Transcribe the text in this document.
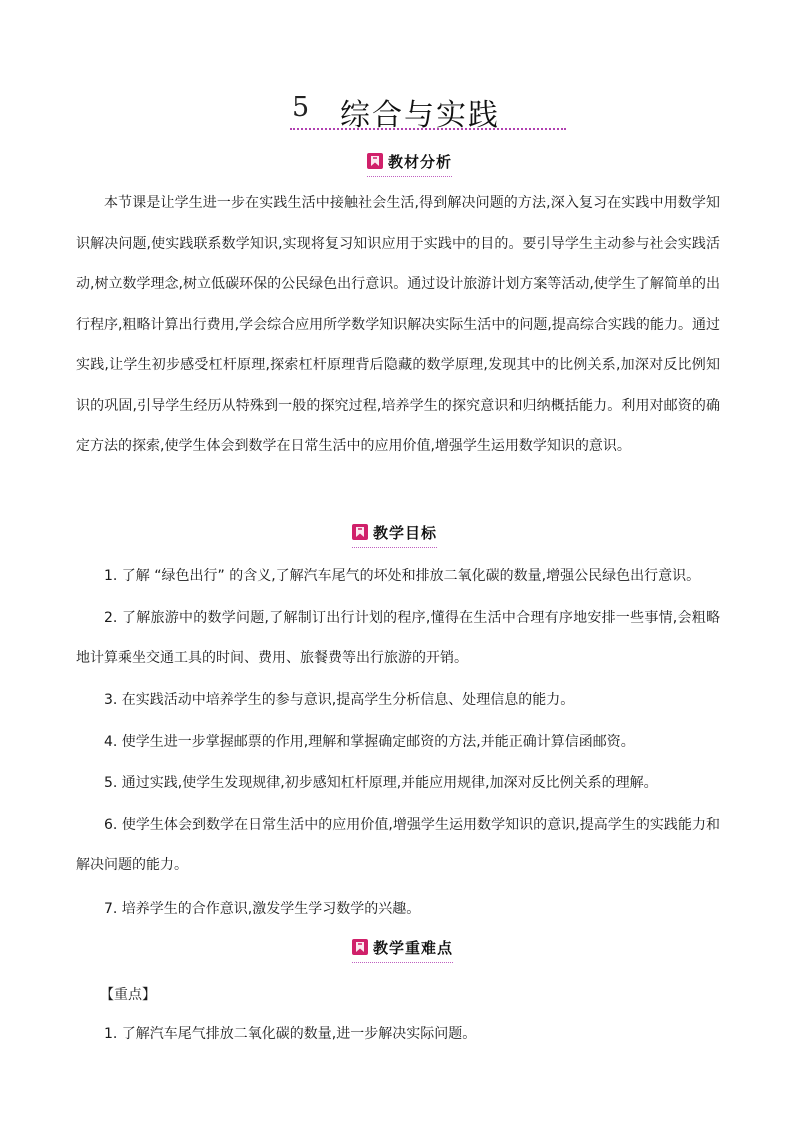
5 综合与实践
教材分析
本节课是让学生进一步在实践生活中接触社会生活,得到解决问题的方法,深入复习在实践中用数学知识解决问题,使实践联系数学知识,实现将复习知识应用于实践中的目的。要引导学生主动参与社会实践活动,树立数学理念,树立低碳环保的公民绿色出行意识。通过设计旅游计划方案等活动,使学生了解简单的出行程序,粗略计算出行费用,学会综合应用所学数学知识解决实际生活中的问题,提高综合实践的能力。通过实践,让学生初步感受杠杆原理,探索杠杆原理背后隐藏的数学原理,发现其中的比例关系,加深对反比例知识的巩固,引导学生经历从特殊到一般的探究过程,培养学生的探究意识和归纳概括能力。利用对邮资的确定方法的探索,使学生体会到数学在日常生活中的应用价值,增强学生运用数学知识的意识。
教学目标
1. 了解 “绿色出行” 的含义,了解汽车尾气的坏处和排放二氧化碳的数量,增强公民绿色出行意识。
2. 了解旅游中的数学问题,了解制订出行计划的程序,懂得在生活中合理有序地安排一些事情,会粗略地计算乘坐交通工具的时间、费用、旅餐费等出行旅游的开销。
3. 在实践活动中培养学生的参与意识,提高学生分析信息、处理信息的能力。
4. 使学生进一步掌握邮票的作用,理解和掌握确定邮资的方法,并能正确计算信函邮资。
5. 通过实践,使学生发现规律,初步感知杠杆原理,并能应用规律,加深对反比例关系的理解。
6. 使学生体会到数学在日常生活中的应用价值,增强学生运用数学知识的意识,提高学生的实践能力和解决问题的能力。
7. 培养学生的合作意识,激发学生学习数学的兴趣。
教学重难点
【重点】
1. 了解汽车尾气排放二氧化碳的数量,进一步解决实际问题。
